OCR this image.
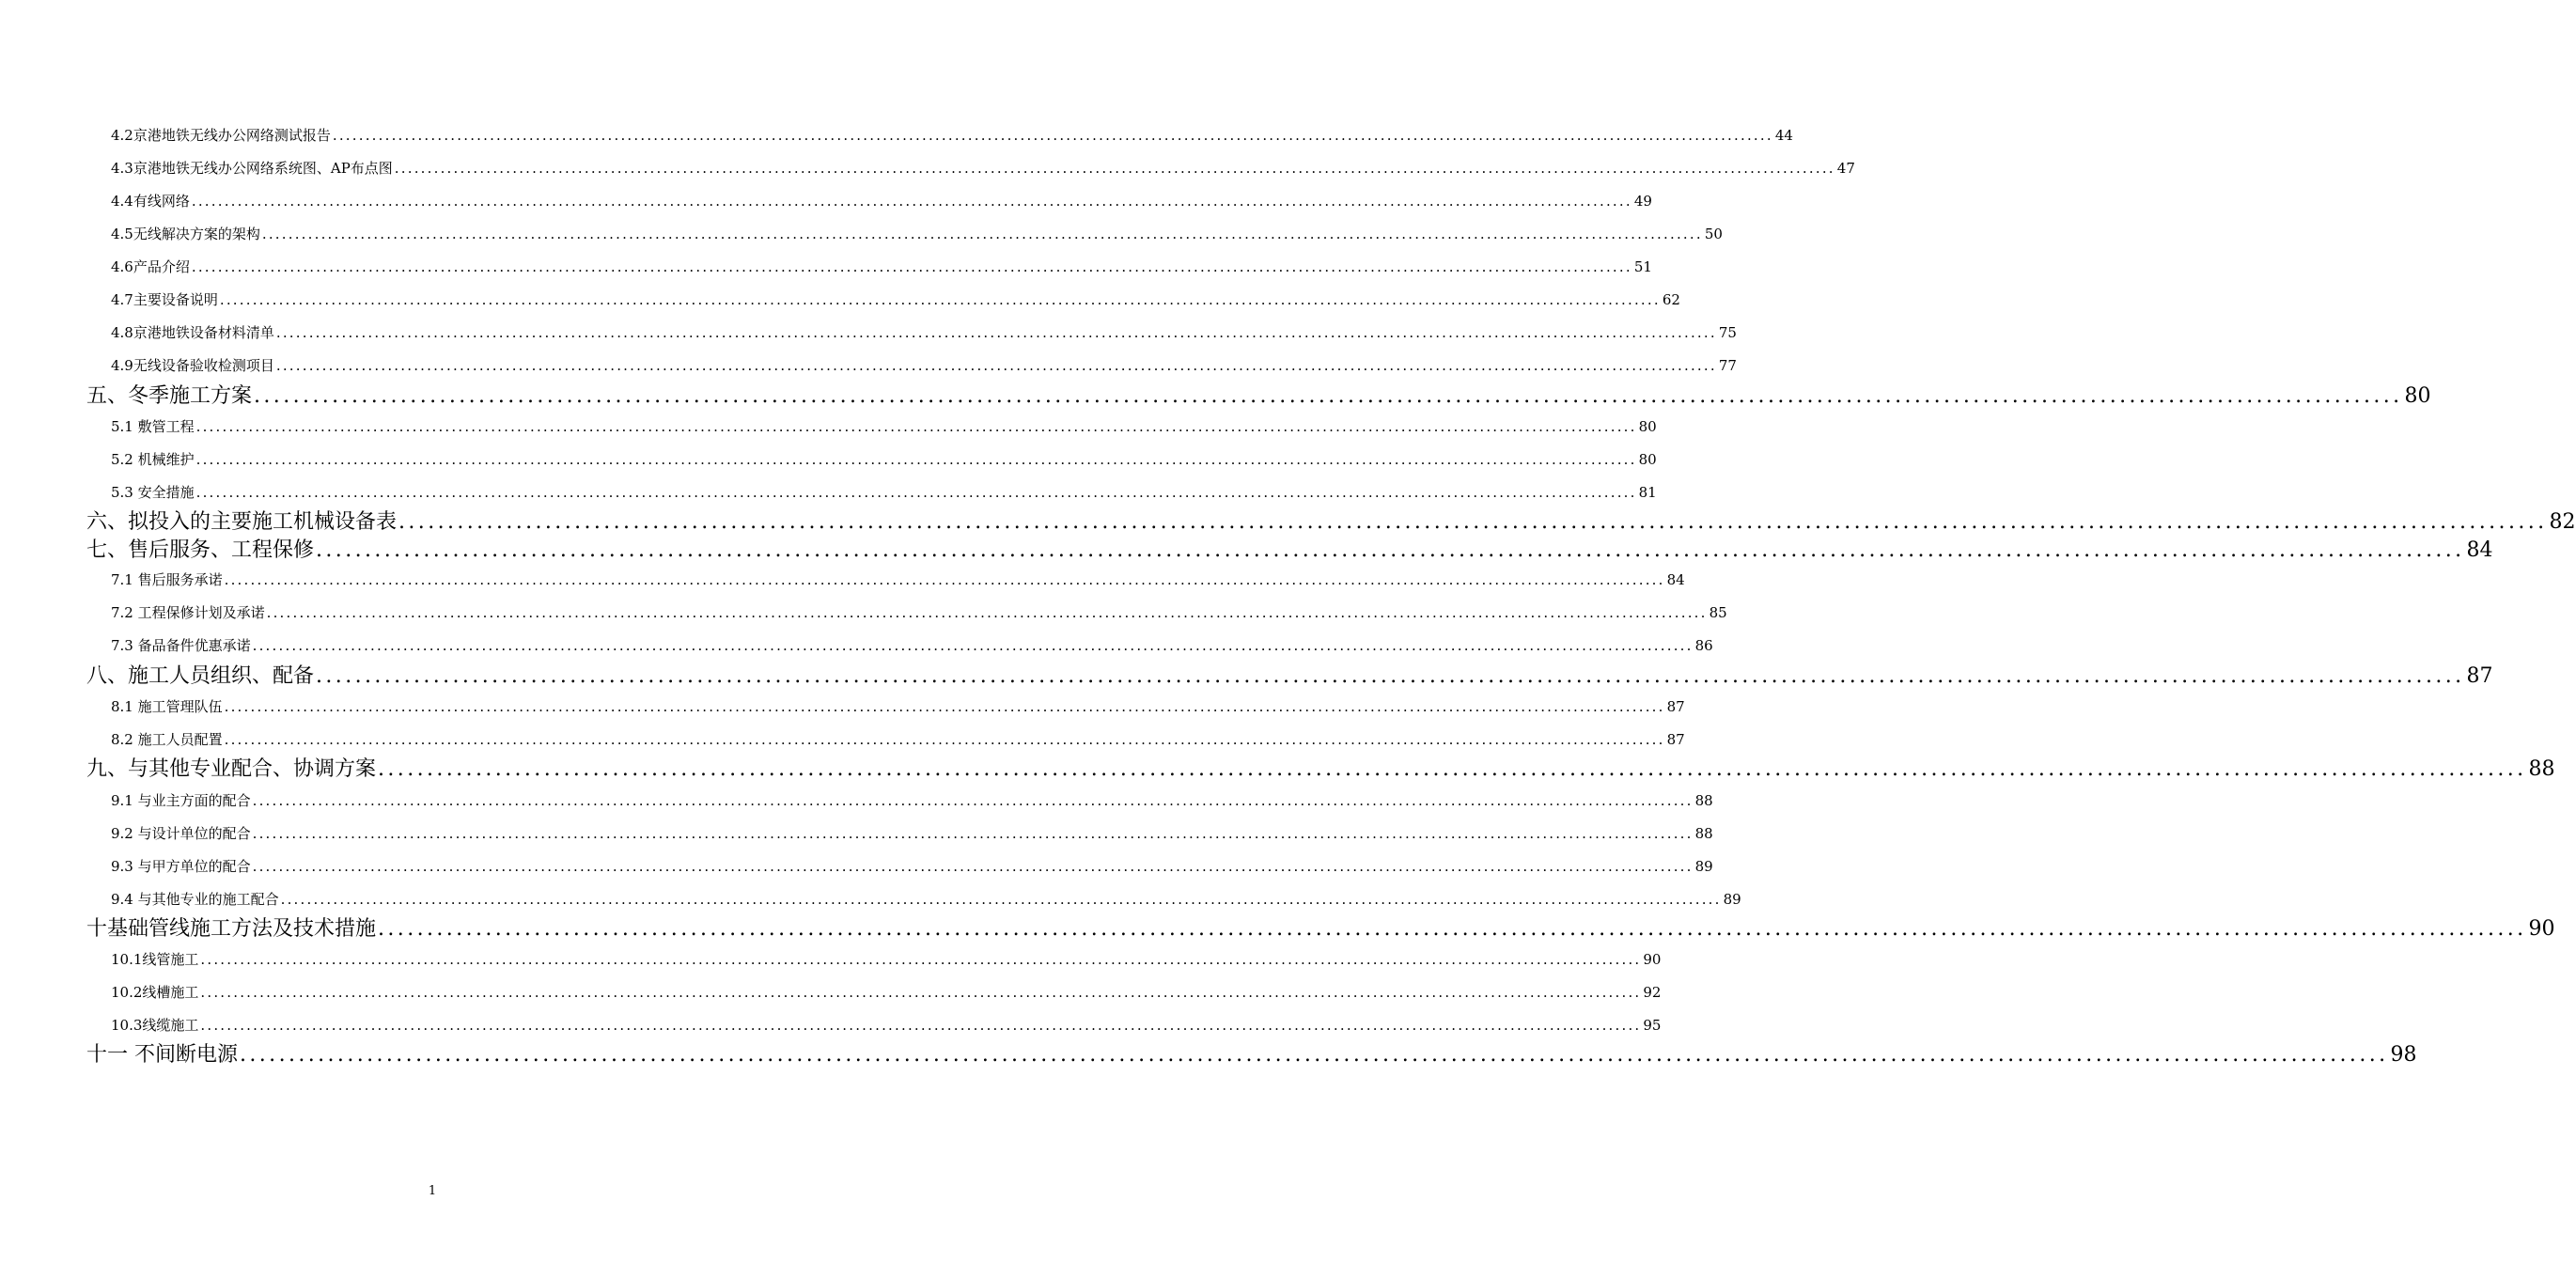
4.2京港地铁无线办公网络测试报告 ............................................................................................................................................................................................................................ 44
4.3京港地铁无线办公网络系统图、AP布点图 ............................................................................................................................................................................................................................ 47
4.4有线网络 ............................................................................................................................................................................................................................ 49
4.5无线解决方案的架构 ............................................................................................................................................................................................................................ 50
4.6产品介绍 ............................................................................................................................................................................................................................ 51
4.7主要设备说明 ............................................................................................................................................................................................................................ 62
4.8京港地铁设备材料清单 ............................................................................................................................................................................................................................ 75
4.9无线设备验收检测项目 ............................................................................................................................................................................................................................ 77
五、冬季施工方案 ............................................................................................................................................................................................................................ 80
5.1 敷管工程 ............................................................................................................................................................................................................................ 80
5.2 机械维护 ............................................................................................................................................................................................................................ 80
5.3 安全措施 ............................................................................................................................................................................................................................ 81
六、拟投入的主要施工机械设备表 ............................................................................................................................................................................................................................ 82
七、售后服务、工程保修 ............................................................................................................................................................................................................................ 84
7.1 售后服务承诺 ............................................................................................................................................................................................................................ 84
7.2 工程保修计划及承诺 ............................................................................................................................................................................................................................ 85
7.3 备品备件优惠承诺 ............................................................................................................................................................................................................................ 86
八、施工人员组织、配备 ............................................................................................................................................................................................................................ 87
8.1 施工管理队伍 ............................................................................................................................................................................................................................ 87
8.2 施工人员配置 ............................................................................................................................................................................................................................ 87
九、与其他专业配合、协调方案 ............................................................................................................................................................................................................................ 88
9.1 与业主方面的配合 ............................................................................................................................................................................................................................ 88
9.2 与设计单位的配合 ............................................................................................................................................................................................................................ 88
9.3 与甲方单位的配合 ............................................................................................................................................................................................................................ 89
9.4 与其他专业的施工配合 ............................................................................................................................................................................................................................ 89
十基础管线施工方法及技术措施 ............................................................................................................................................................................................................................ 90
10.1线管施工 ............................................................................................................................................................................................................................ 90
10.2线槽施工 ............................................................................................................................................................................................................................ 92
10.3线缆施工 ............................................................................................................................................................................................................................ 95
十一 不间断电源 ............................................................................................................................................................................................................................ 98
1
